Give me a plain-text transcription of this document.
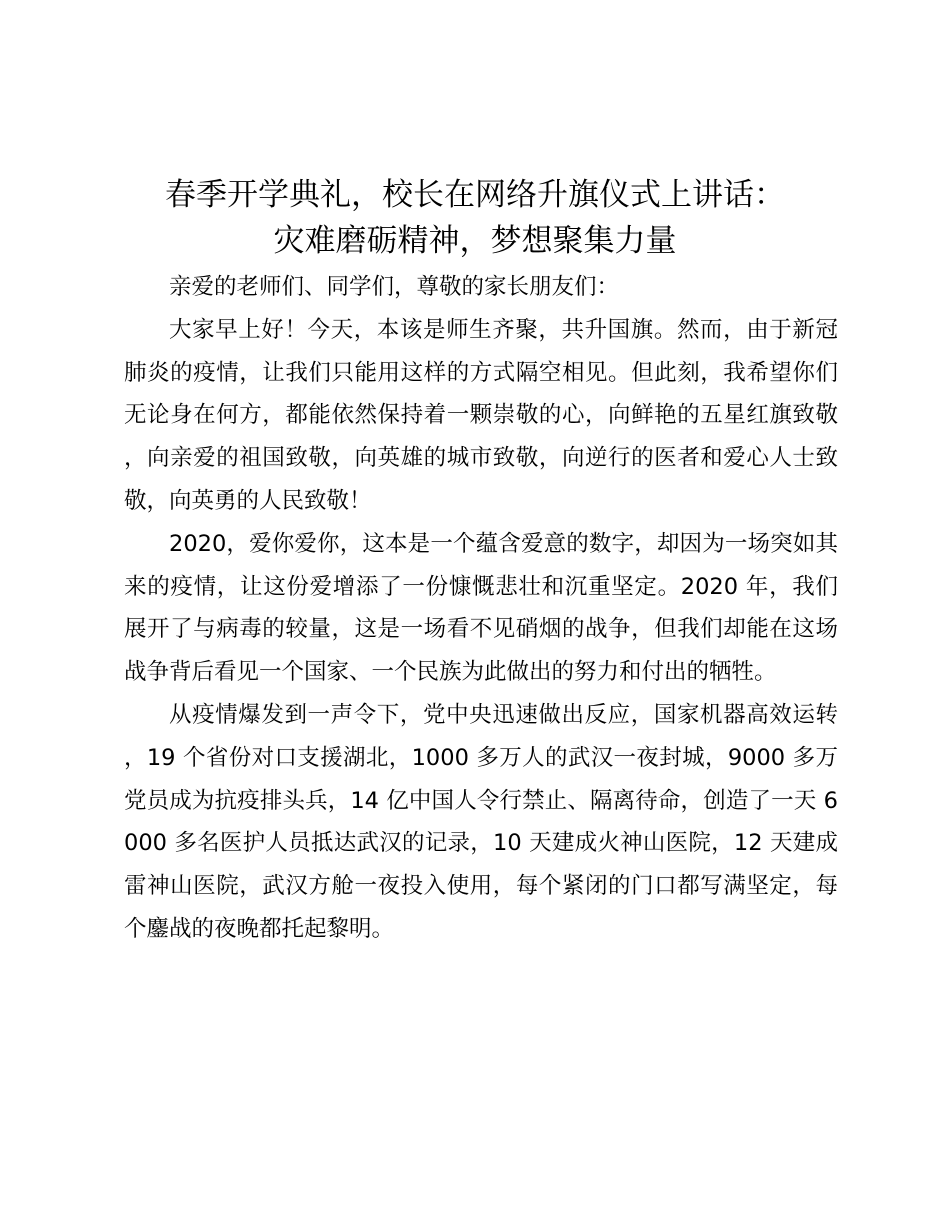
春季开学典礼，校长在网络升旗仪式上讲话：
灾难磨砺精神，梦想聚集力量

亲爱的老师们、同学们，尊敬的家长朋友们：

大家早上好！今天，本该是师生齐聚，共升国旗。然而，由于新冠肺炎的疫情，让我们只能用这样的方式隔空相见。但此刻，我希望你们无论身在何方，都能依然保持着一颗崇敬的心，向鲜艳的五星红旗致敬，向亲爱的祖国致敬，向英雄的城市致敬，向逆行的医者和爱心人士致敬，向英勇的人民致敬！

2020，爱你爱你，这本是一个蕴含爱意的数字，却因为一场突如其来的疫情，让这份爱增添了一份慷慨悲壮和沉重坚定。2020 年，我们展开了与病毒的较量，这是一场看不见硝烟的战争，但我们却能在这场战争背后看见一个国家、一个民族为此做出的努力和付出的牺牲。

从疫情爆发到一声令下，党中央迅速做出反应，国家机器高效运转，19 个省份对口支援湖北，1000 多万人的武汉一夜封城，9000 多万党员成为抗疫排头兵，14 亿中国人令行禁止、隔离待命，创造了一天 6000 多名医护人员抵达武汉的记录，10 天建成火神山医院，12 天建成雷神山医院，武汉方舱一夜投入使用，每个紧闭的门口都写满坚定，每个鏖战的夜晚都托起黎明。
